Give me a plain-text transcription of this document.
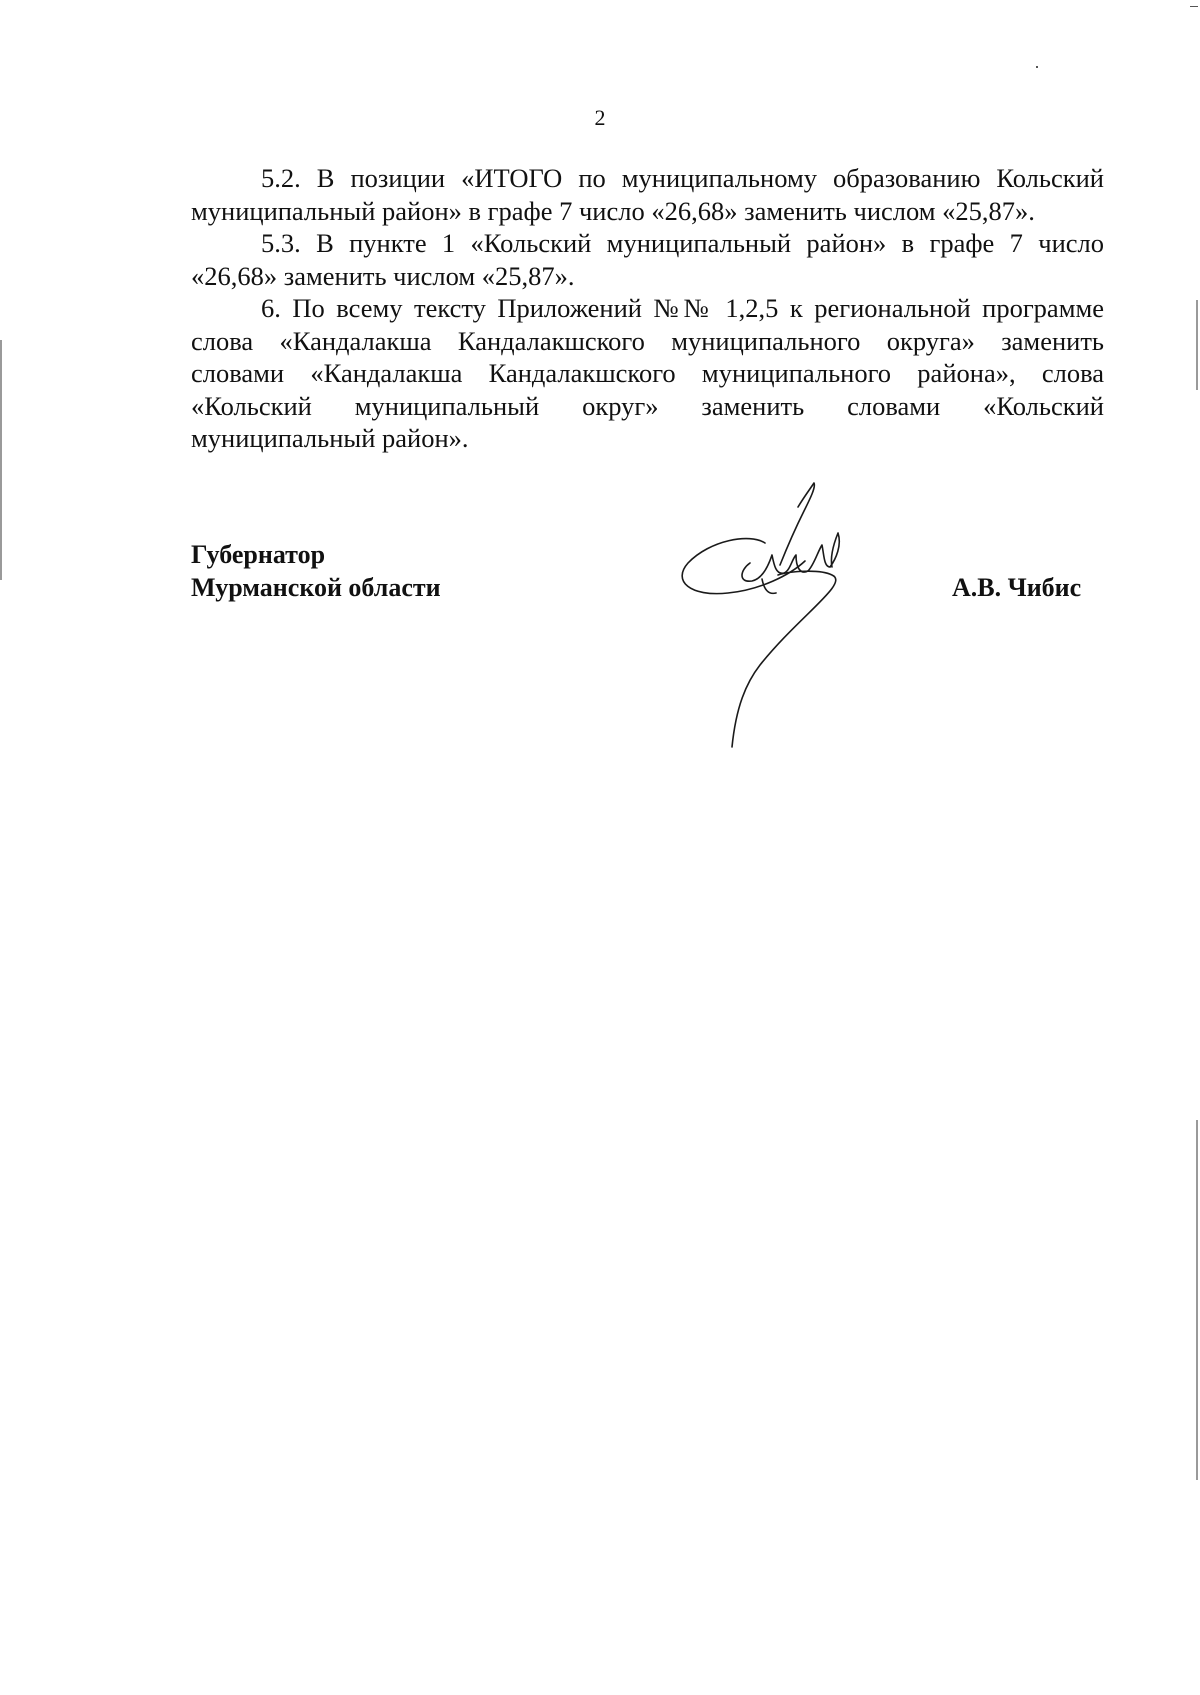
2

5.2. В позиции «ИТОГО по муниципальному образованию Кольский муниципальный район» в графе 7 число «26,68» заменить числом «25,87».

5.3. В пункте 1 «Кольский муниципальный район» в графе 7 число «26,68» заменить числом «25,87».

6. По всему тексту Приложений №№ 1,2,5 к региональной программе слова «Кандалакша Кандалакшского муниципального округа» заменить словами «Кандалакша Кандалакшского муниципального района», слова «Кольский муниципальный округ» заменить словами «Кольский муниципальный район».

Губернатор
Мурманской области	А.В. Чибис
